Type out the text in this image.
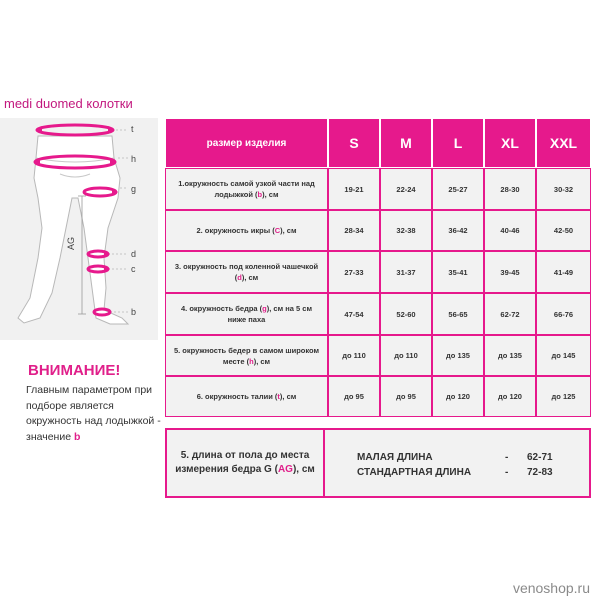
medi duomed колотки
t
h
g
d
c
b
AG
ВНИМАНИЕ!
Главным параметром при подборе является окружность над лодыжкой - значение b
размер изделия	S	M	L	XL	XXL
1.окружность самой узкой части над лодыжкой (b), см	19-21	22-24	25-27	28-30	30-32
2. окружность икры (C), см	28-34	32-38	36-42	40-46	42-50
3. окружность под коленной чашечкой (d), см	27-33	31-37	35-41	39-45	41-49
4. окружность бедра (g), см на 5 см ниже паха	47-54	52-60	56-65	62-72	66-76
5. окружность бедер в самом широком месте (h), см	до 110	до 110	до 135	до 135	до 145
6. окружность талии (t), см	до 95	до 95	до 120	до 120	до 125
5. длина от пола до места измерения бедра G (AG), см
МАЛАЯ ДЛИНА	-	62-71
СТАНДАРТНАЯ ДЛИНА	-	72-83
venoshop.ru
